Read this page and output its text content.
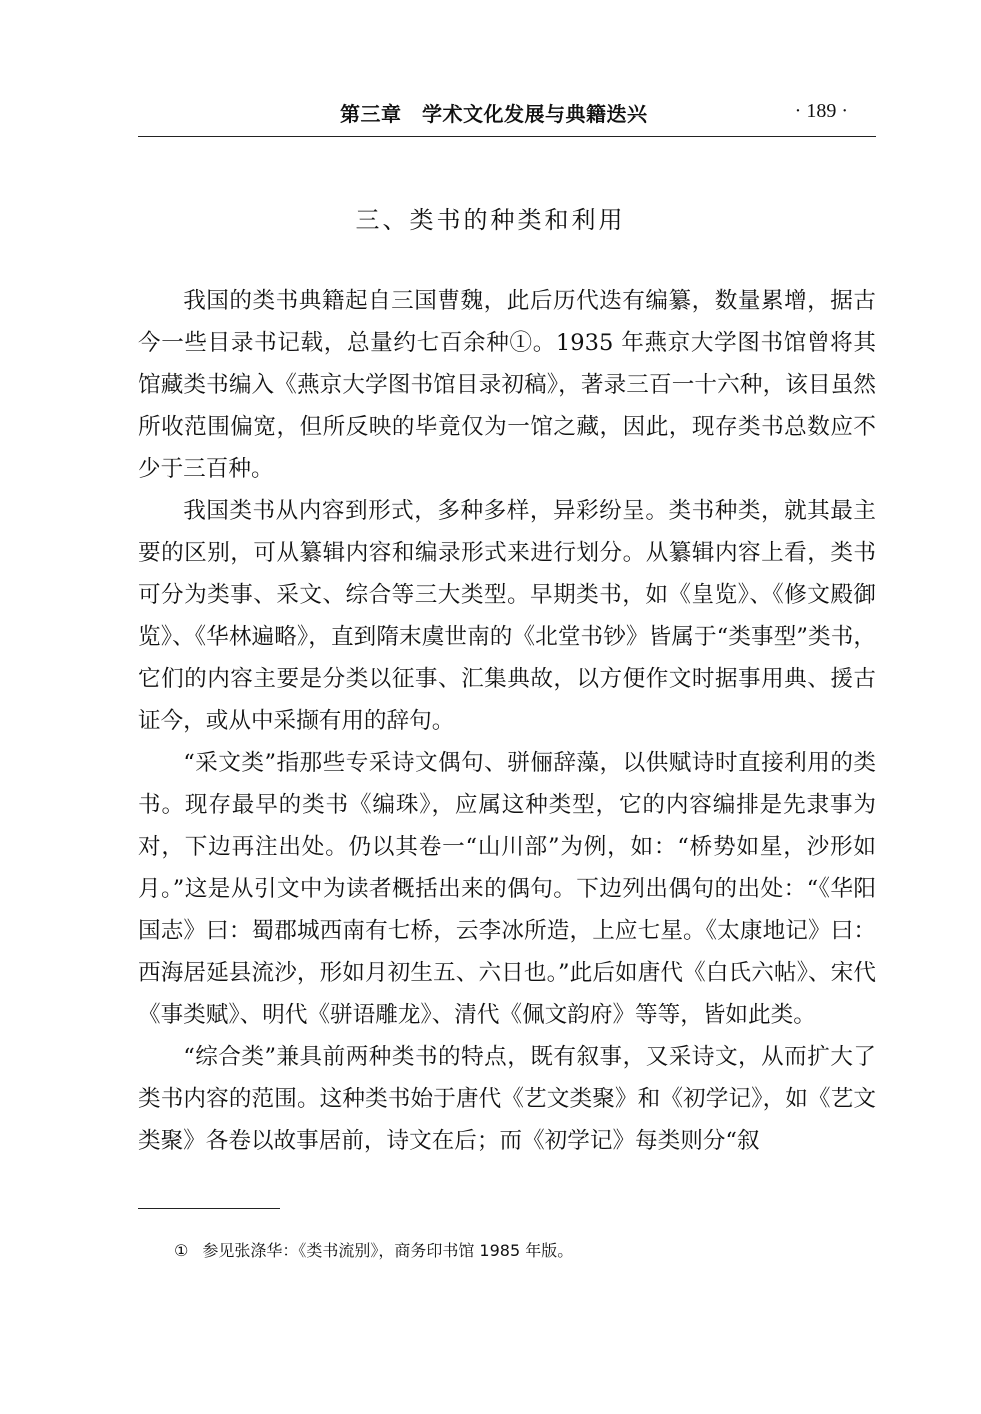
第三章　学术文化发展与典籍迭兴	· 189 ·
三、类书的种类和利用

我国的类书典籍起自三国曹魏，此后历代迭有编纂，数量累增，据古今一些目录书记载，总量约七百余种①。1935 年燕京大学图书馆曾将其馆藏类书编入《燕京大学图书馆目录初稿》，著录三百一十六种，该目虽然所收范围偏宽，但所反映的毕竟仅为一馆之藏，因此，现存类书总数应不少于三百种。

我国类书从内容到形式，多种多样，异彩纷呈。类书种类，就其最主要的区别，可从纂辑内容和编录形式来进行划分。从纂辑内容上看，类书可分为类事、采文、综合等三大类型。早期类书，如《皇览》、《修文殿御览》、《华林遍略》，直到隋末虞世南的《北堂书钞》皆属于“类事型”类书，它们的内容主要是分类以征事、汇集典故，以方便作文时据事用典、援古证今，或从中采撷有用的辞句。

“采文类”指那些专采诗文偶句、骈俪辞藻，以供赋诗时直接利用的类书。现存最早的类书《编珠》，应属这种类型，它的内容编排是先隶事为对，下边再注出处。仍以其卷一“山川部”为例，如：“桥势如星，沙形如月。”这是从引文中为读者概括出来的偶句。下边列出偶句的出处：“《华阳国志》曰：蜀郡城西南有七桥，云李冰所造，上应七星。《太康地记》曰：西海居延县流沙，形如月初生五、六日也。”此后如唐代《白氏六帖》、宋代《事类赋》、明代《骈语雕龙》、清代《佩文韵府》等等，皆如此类。

“综合类”兼具前两种类书的特点，既有叙事，又采诗文，从而扩大了类书内容的范围。这种类书始于唐代《艺文类聚》和《初学记》，如《艺文类聚》各卷以故事居前，诗文在后；而《初学记》每类则分“叙

① 参见张涤华：《类书流别》，商务印书馆 1985 年版。
